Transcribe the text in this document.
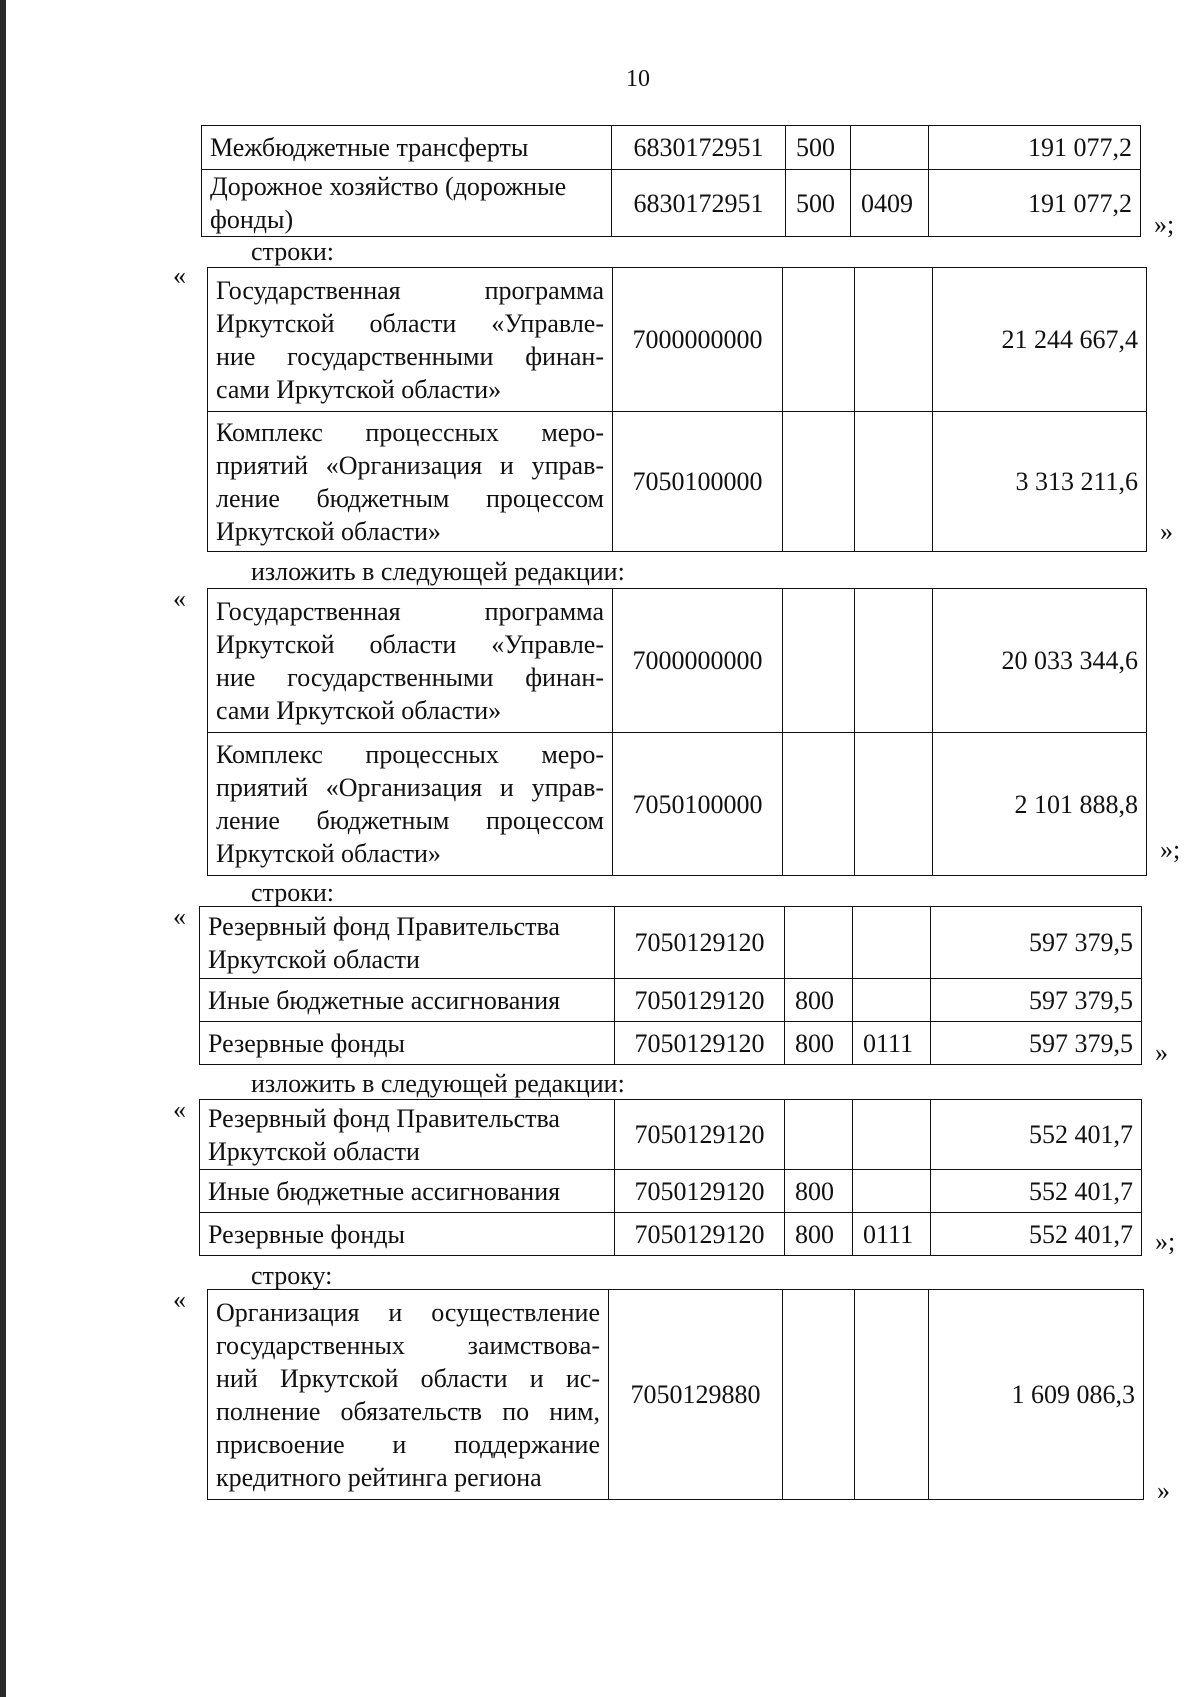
10
Межбюджетные трансферты	6830172951	500		191 077,2

Дорожное хозяйство (дорожные
фонды)	6830172951	500	0409	191 077,2
»;
строки:
« Государственная программа
Иркутской области «Управле-
ние государственными финан-
сами Иркутской области»	7000000000			21 244 667,4

Комплекс процессных меро-
приятий «Организация и управ-
ление бюджетным процессом
Иркутской области»	7050100000			3 313 211,6
»
изложить в следующей редакции:
« Государственная программа
Иркутской области «Управле-
ние государственными финан-
сами Иркутской области»	7000000000			20 033 344,6

Комплекс процессных меро-
приятий «Организация и управ-
ление бюджетным процессом
Иркутской области»	7050100000			2 101 888,8
»;
строки:
« Резервный фонд Правительства
Иркутской области	7050129120			597 379,5

Иные бюджетные ассигнования	7050129120	800		597 379,5

Резервные фонды	7050129120	800	0111	597 379,5 »
изложить в следующей редакции:
« Резервный фонд Правительства
Иркутской области	7050129120			552 401,7

Иные бюджетные ассигнования	7050129120	800		552 401,7

Резервные фонды	7050129120	800	0111	552 401,7 »;
строку:
« Организация и осуществление
государственных заимствова-
ний Иркутской области и ис-
полнение обязательств по ним,
присвоение и поддержание
кредитного рейтинга региона
	7050129880			1 609 086,3
»
